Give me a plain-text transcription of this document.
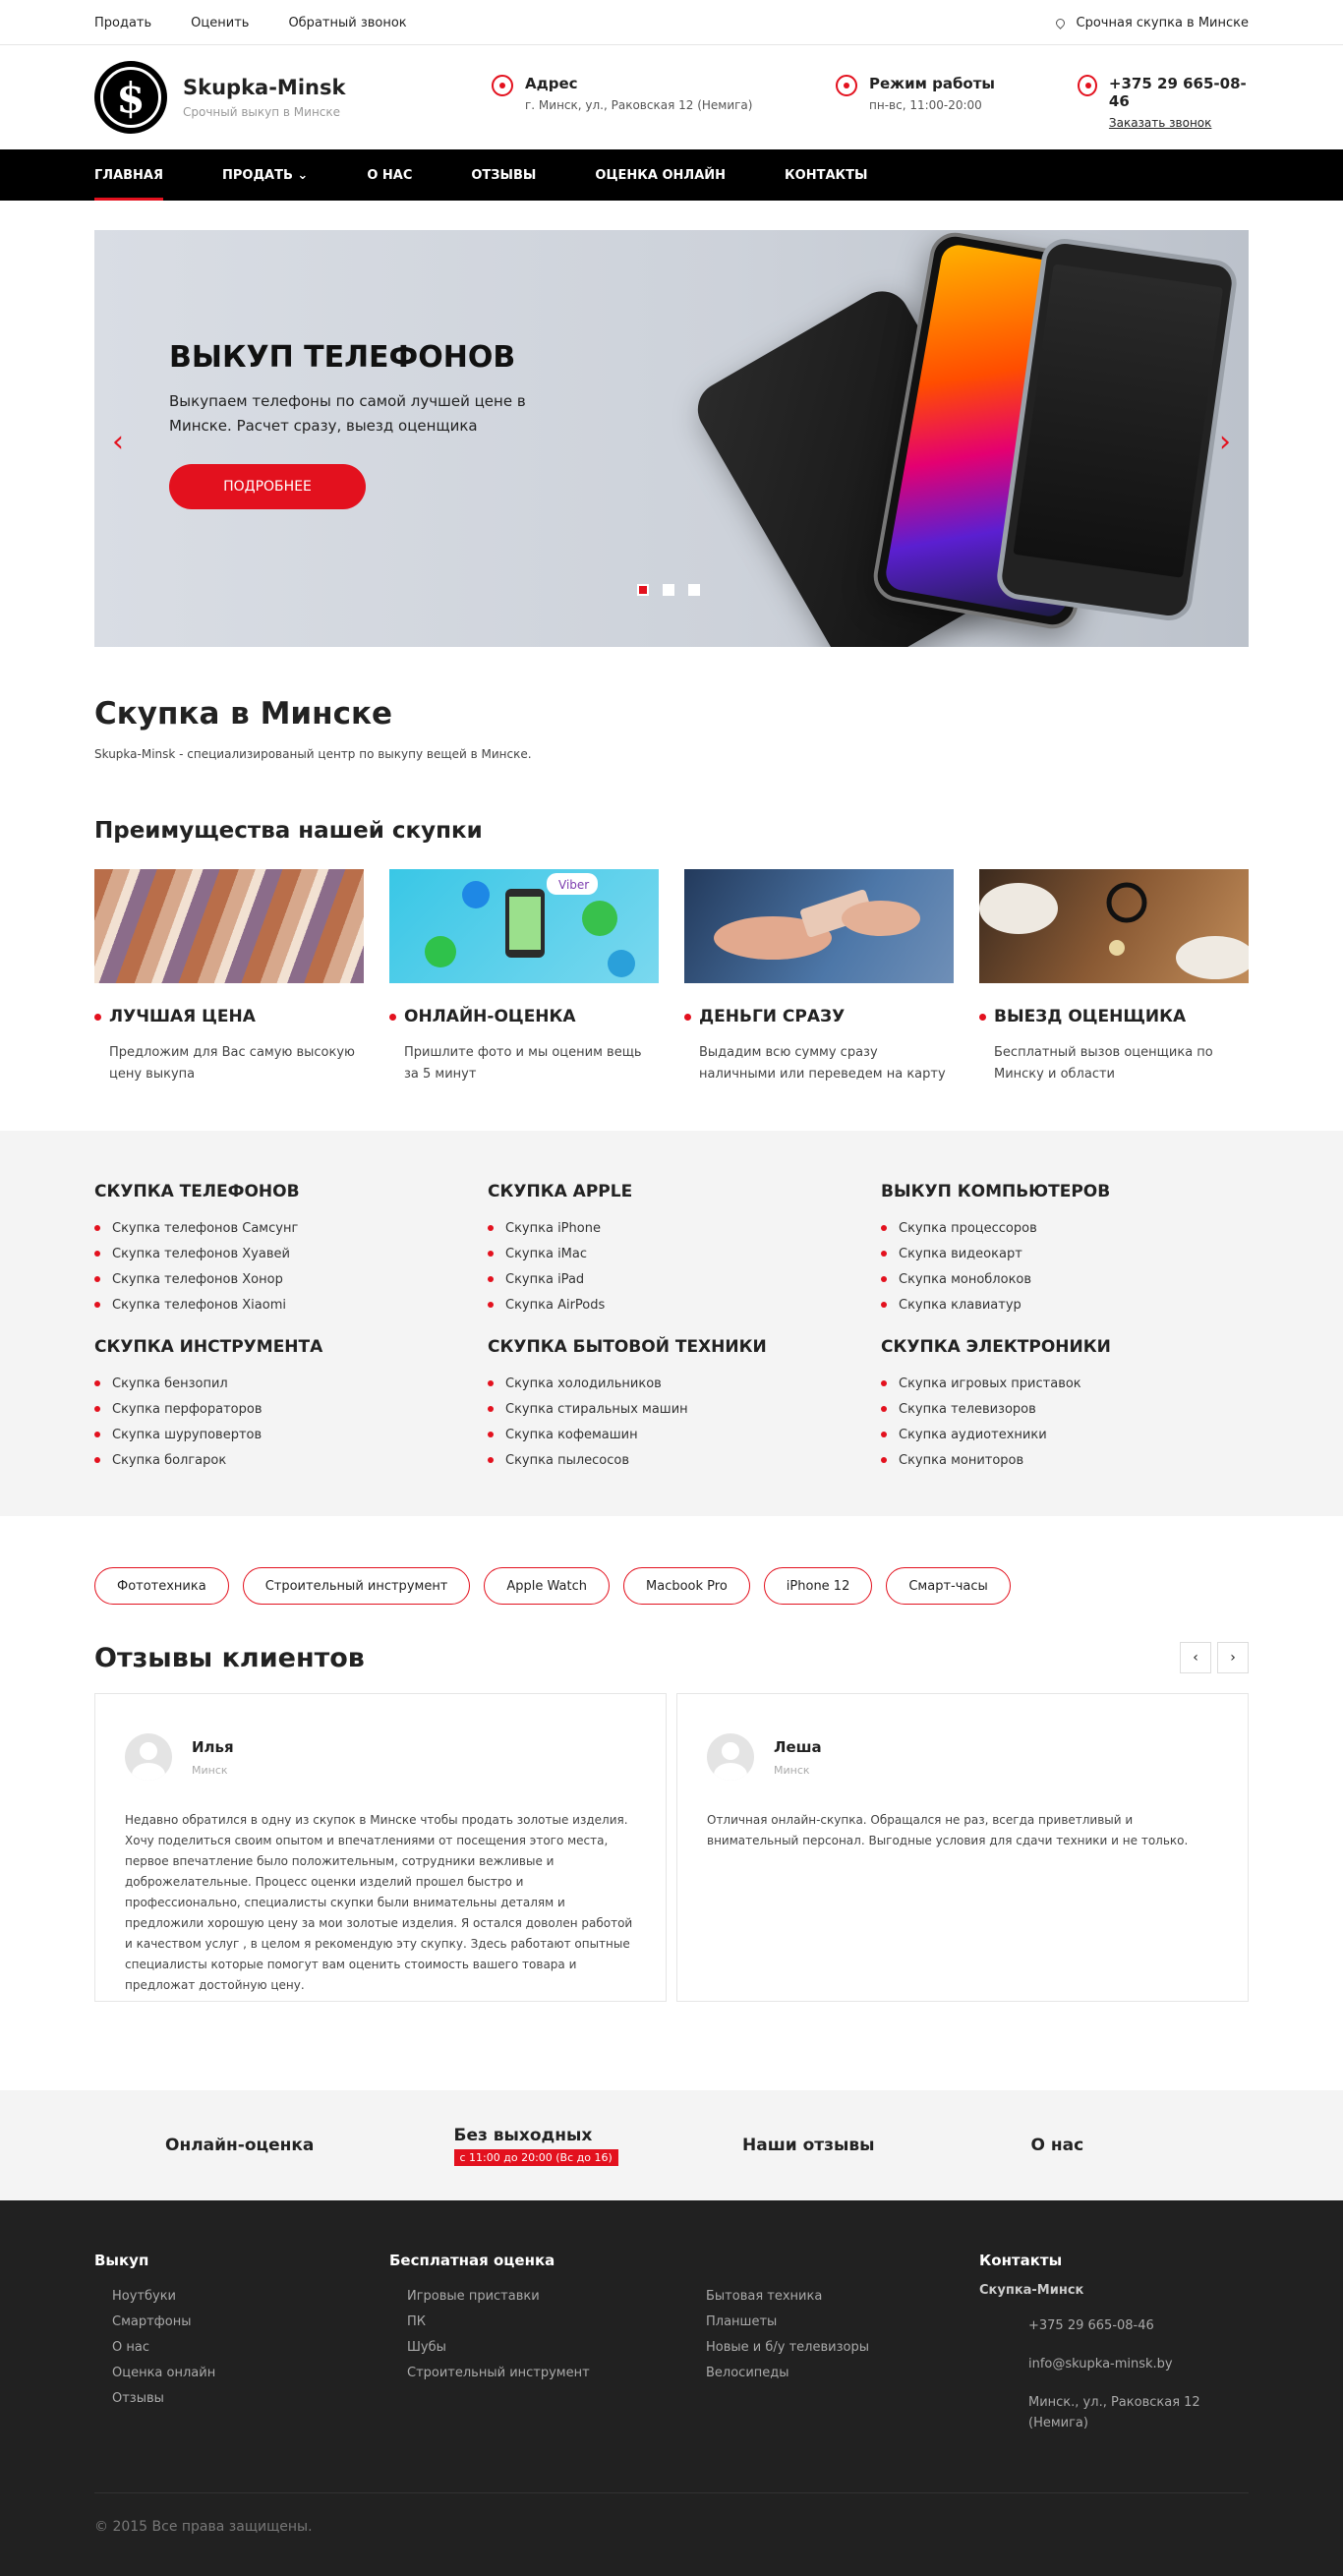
Продать	Оценить	Обратный звонок	Срочная скупка в Минске
$	Skupka-Minsk
Срочный выкуп в Минске
Адрес
г. Минск, ул., Раковская 12 (Немига)
Режим работы
пн-вс, 11:00-20:00
+375 29 665-08-46
Заказать звонок
ГЛАВНАЯ	ПРОДАТЬ ⌄	О НАС	ОТЗЫВЫ	ОЦЕНКА ОНЛАЙН	КОНТАКТЫ
ВЫКУП ТЕЛЕФОНОВ
Выкупаем телефоны по самой лучшей цене в Минске. Расчет сразу, выезд оценщика
ПОДРОБНЕЕ
‹	›
Скупка в Минске

Skupka-Minsk - специализированый центр по выкупу вещей в Минске.

Преимущества нашей скупки
ЛУЧШАЯ ЦЕНА
Предложим для Вас самую высокую цену выкупа
Viber
ОНЛАЙН-ОЦЕНКА
Пришлите фото и мы оценим вещь за 5 минут
ДЕНЬГИ СРАЗУ
Выдадим всю сумму сразу наличными или переведем на карту
ВЫЕЗД ОЦЕНЩИКА
Бесплатный вызов оценщика по Минску и области
СКУПКА ТЕЛЕФОНОВ
Скупка телефонов Самсунг
Скупка телефонов Хуавей
Скупка телефонов Хонор
Скупка телефонов Xiaomi
СКУПКА APPLE
Скупка iPhone
Скупка iMac
Скупка iPad
Скупка AirPods
ВЫКУП КОМПЬЮТЕРОВ
Скупка процессоров
Скупка видеокарт
Скупка моноблоков
Скупка клавиатур
СКУПКА ИНСТРУМЕНТА
Скупка бензопил
Скупка перфораторов
Скупка шуруповертов
Скупка болгарок
СКУПКА БЫТОВОЙ ТЕХНИКИ
Скупка холодильников
Скупка стиральных машин
Скупка кофемашин
Скупка пылесосов
СКУПКА ЭЛЕКТРОНИКИ
Скупка игровых приставок
Скупка телевизоров
Скупка аудиотехники
Скупка мониторов
Фототехника	Строительный инструмент	Apple Watch	Macbook Pro	iPhone 12	Смарт-часы
Отзывы клиентов	‹	›
Илья
Минск

Недавно обратился в одну из скупок в Минске чтобы продать золотые изделия. Хочу поделиться своим опытом и впечатлениями от посещения этого места, первое впечатление было положительным, сотрудники вежливые и доброжелательные. Процесс оценки изделий прошел быстро и профессионально, специалисты скупки были внимательны деталям и предложили хорошую цену за мои золотые изделия. Я остался доволен работой и качеством услуг , в целом я рекомендую эту скупку. Здесь работают опытные специалисты которые помогут вам оценить стоимость вашего товара и предложат достойную цену.

Леша
Минск

Отличная онлайн-скупка. Обращался не раз, всегда приветливый и внимательный персонал. Выгодные условия для сдачи техники и не только.

Онлайн-оценка
Без выходных
с 11:00 до 20:00 (Вс до 16)
Наши отзывы	О нас
Выкуп
Ноутбуки
Смартфоны
О нас
Оценка онлайн
Отзывы
Бесплатная оценка
Игровые приставки
ПК
Шубы
Строительный инструмент
Бытовая техника
Планшеты
Новые и б/у телевизоры
Велосипеды
Контакты
Скупка-Минск
+375 29 665-08-46
info@skupka-minsk.by
Минск., ул., Раковская 12 (Немига)
© 2015 Все права защищены.
